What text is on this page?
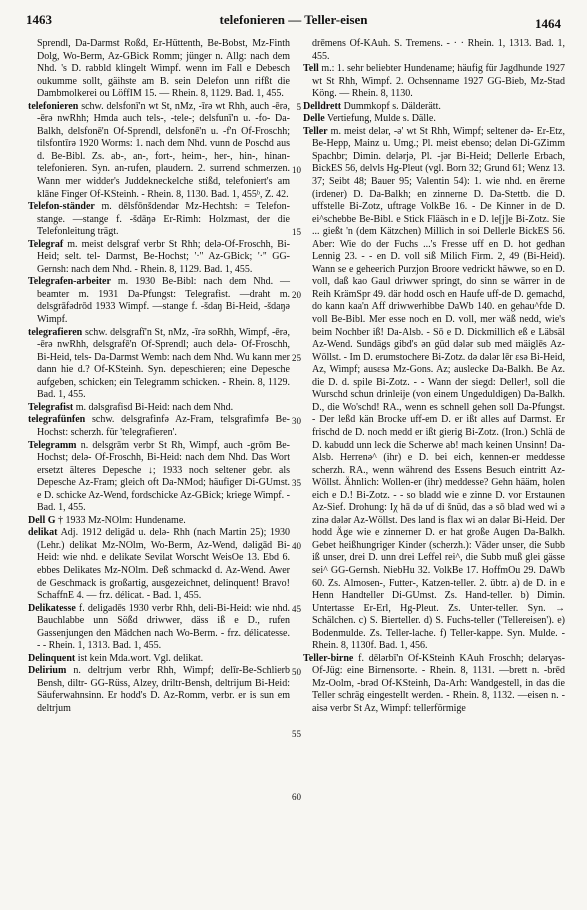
1463	telefonieren — Teller-eisen	1464

Sprendl, Da-Darmst Roßd, Er-Hüttenth, Be-Bobst, Mz-Finth Dolg, Wo-Berm, Az-GBick Romm; jünger n. Allg: nach dem Nhd. 's D. rabbld klingelt Wimpf. wenn im Fall e Debesch oukumme sollt, gäihste am B. sein Delefon unn rifßt die Dambmolkerei ou LöffIM 15. — Rhein. 8, 1129. Bad. 1, 455.

telefonieren schw. delsfonī'n wt St, nMz, -īrə wt Rhh, auch -ērə, -ērə nwRhh; Hmda auch tels-, -tele-; delsfunī'n u. -fo- Da-Balkh, delsfonē'n Of-Sprendl, delsfonē'n u. -f'n Of-Froschh; tilsfontīrə 1920 Worms: 1. nach dem Nhd. vunn de Poschd aus d. Be-Bibl. Zs. ab-, an-, fort-, heim-, her-, hin-, hinan-telefonieren. Syn. an-rufen, plaudern. 2. surrend schmerzen. Wann mer widder's Juddekneckelche stißd, telefoniert's am klāne Finger Of-KSteinh. - Rhein. 8, 1130. Bad. 1, 455ᵇ, Z. 42.

Telefon-ständer m. dēlsfōnšdendər Mz-Hechtsh: = Telefon-stange. —stange f. -šdāŋə Er-Rimh: Holzmast, der die Telefonleitung trägt.

Telegraf m. meist delsgraf verbr St Rhh; delə-Of-Froschh, Bi-Heid; selt. tel- Darmst, Be-Hochst; '·'' Az-GBick; '·'' GG-Gernsh: nach dem Nhd. - Rhein. 8, 1129. Bad. 1, 455.

Telegrafen-arbeiter m. 1930 Be-Bibl: nach dem Nhd. —beamter m. 1931 Da-Pfungst: Telegrafist. —draht m. delsgrāfədrōd 1933 Wimpf. —stange f. -šdaŋ Bi-Heid, -šdaŋə Wimpf.

telegrafieren schw. delsgrafī'n St, nMz, -īrə soRhh, Wimpf, -ērə, -ērə nwRhh, delsgrafē'n Of-Sprendl; auch delə- Of-Froschh, Bi-Heid, tels- Da-Darmst Wemb: nach dem Nhd. Wu kann mer dann hie d.? Of-KSteinh. Syn. depeschieren; eine Depesche aufgeben, schicken; ein Telegramm schicken. - Rhein. 8, 1129. Bad. 1, 455.

Telegrafist m. dəlsgrafisd Bi-Heid: nach dem Nhd.

telegrafünfen schw. delsgrafinfə Az-Fram, telsgrafimfə Be-Hochst: scherzh. für 'telegrafieren'.

Telegramm n. delsgrām verbr St Rh, Wimpf, auch -grōm Be-Hochst; delə- Of-Froschh, Bi-Heid: nach dem Nhd. Das Wort ersetzt älteres Depesche ↓; 1933 noch seltener gebr. als Depesche Az-Fram; gleich oft Da-NMod; häufiger Di-GUmst. e D. schicke Az-Wend, fordschicke Az-GBick; kriege Wimpf. - Bad. 1, 455.

Dell G † 1933 Mz-NOlm: Hundename.

delikat Adj. 1912 deligād u. delə- Rhh (nach Martin 25); 1930 (Lehr.) delikat Mz-NOlm, Wo-Berm, Az-Wend, dəligād Bi-Heid: wie nhd. e delikate Sevilat Worscht WeisOe 13. Ebd 6. ebbes Delikates Mz-NOlm. Deß schmackd d. Az-Wend. Awer de Geschmack is großartig, ausgezeichnet, delinquent! Bravo! SchaffnE 4. — frz. délicat. - Bad. 1, 455.

Delikatesse f. deligadēs 1930 verbr Rhh, deli-Bi-Heid: wie nhd. Bauchlabbe unn Sößd driwwer, däss iß e D., rufen Gassenjungen den Mädchen nach Wo-Berm. - frz. délicatesse. - - Rhein. 1, 1313. Bad. 1, 455.

Delinquent ist kein Mda.wort. Vgl. delikat.

Delirium n. deltrjum verbr Rhh, Wimpf; delīr-Be-Schlierb Bensh, diltr- GG-Rüss, Alzey, driltr-Bensh, deltrijum Bi-Heid: Säuferwahnsinn. Er hodd's D. Az-Romm, verbr. er is sun em deltrjum

5
10
15
20
25
30
35
40
45
50
55
60

drēmens Of-KAuh. S. Tremens. - · · Rhein. 1, 1313. Bad. 1, 455.

Tell m.: 1. sehr beliebter Hundename; häufig für Jagdhunde 1927 wt St Rhh, Wimpf. 2. Ochsenname 1927 GG-Bieb, Mz-Stad Köng. — Rhein. 8, 1130.

Delldrett Dummkopf s. Dälderätt.

Delle Vertiefung, Mulde s. Dälle.

Teller m. meist delər, -ə' wt St Rhh, Wimpf; seltener də- Er-Etz, Be-Hepp, Mainz u. Umg.; Pl. meist ebenso; delən Di-GZimm Spachbr; Dimin. delərjə, Pl. -jər Bi-Heid; Dellerle Erbach, BickES 56, delvls Hg-Pleut (vgl. Born 32; Grund 61; Wenz 13. 37; Seibt 48; Bauer 95; Valentin 54): 1. wie nhd. en ērerne (irdener) D. Da-Balkh; en zinnerne D. Da-Stettb. die D. uffstelle Bi-Zotz, uftrage VolkBe 16. - De Kinner in de D. ei^schebbe Be-Bibl. e Stick Flääsch in e D. le[j]e Bi-Zotz. Sie ... gießt 'n (dem Kätzchen) Millich in soi Dellerle BickES 56. Aber: Wie do der Fuchs ...'s Fresse uff en D. hot gedhan Lennig 23. - - en D. voll siß Milich Firm. 2, 49 (Bi-Heid). Wann se e geheerich Purzjon Broore vedrickt häwwe, so en D. voll, daß kao Gaul driwwer springt, do sinn se wärrer in de Reih KrämSpr 49. där hodd osch en Haufe uff-de D. gemachd, do kann kaa'n Aff driwwerhibbe DaWb 140. en gehau^fde D. voll Be-Bibl. Mer esse noch en D. voll, mer wäß nedd, wie's beim Nochber iß! Da-Alsb. - Sō e D. Dickmillich eß e Läbsäl Az-Wend. Sundägs gibd's ən güd dələr sub med mäiglēs Az-Wöllst. - Im D. erumstochere Bi-Zotz. də dələr lēr ɛsə Bi-Heid, Az, Wimpf; ausɛsə Mz-Gons. Az; auslecke Da-Balkh. Be Az. die D. d. spile Bi-Zotz. - - Wann der siegd: Deller!, soll die Wurschd schun drinleije (von einem Ungeduldigen) Da-Balkh. D., die Wo'schd! RA., wenn es schnell gehen soll Da-Pfungst. - Der leßd kän Brocke uff-em D. er ißt alles auf Darmst. Er frischd de D. noch medd er ißt gierig Bi-Zotz. (Iron.) Schlä de D. kabudd unn leck die Scherwe ab! mach keinen Unsinn! Da-Alsb. Herrenə^ (ihr) e D. bei eich, kennen-er meddesse scherzh. RA., wenn während des Essens Besuch eintritt Az-Wöllst. Ähnlich: Wollen-er (ihr) meddesse? Gehn hääm, holen eich e D.! Bi-Zotz. - - so bladd wie e zinne D. vor Erstaunen Az-Sief. Drohung: Iχ hā də uf di šnüd, das ə sō blad wed wi ə zinə dələr Az-Wöllst. Des land is flax wi ən dələr Bi-Heid. Der hodd Äge wie e zinnerner D. er hat große Augen Da-Balkh. Gebet heißhungriger Kinder (scherzh.): Väder unser, die Subb iß unser, drei D. unn drei Leffel rei^, die Subb muß glei gässe sei^ GG-Gernsh. NiebHu 32. VolkBe 17. HoffmOu 29. DaWb 60. Zs. Almosen-, Futter-, Katzen-teller. 2. übtr. a) de D. in e Henn Handteller Di-GUmst. Zs. Hand-teller. b) Dimin. Untertasse Er-Erl, Hg-Pleut. Zs. Unter-teller. Syn. → Schälchen. c) S. Bierteller. d) S. Fuchs-teller ('Tellereisen'). e) Bodenmulde. Zs. Teller-lache. f) Teller-kappe. Syn. Mulde. - Rhein. 8, 1130f. Bad. 1, 456.

Teller-birne f. dēlərbī'n Of-KSteinh KAuh Froschh; delərɣəs- Of-Jüg: eine Birnensorte. - Rhein. 8, 1131. —brett n. -brēd Mz-Oolm, -brəd Of-KSteinh, Da-Arh: Wandgestell, in das die Teller schräg eingestellt werden. - Rhein. 8, 1132. —eisen n. -aisə verbr St Az, Wimpf: tellerförmige
